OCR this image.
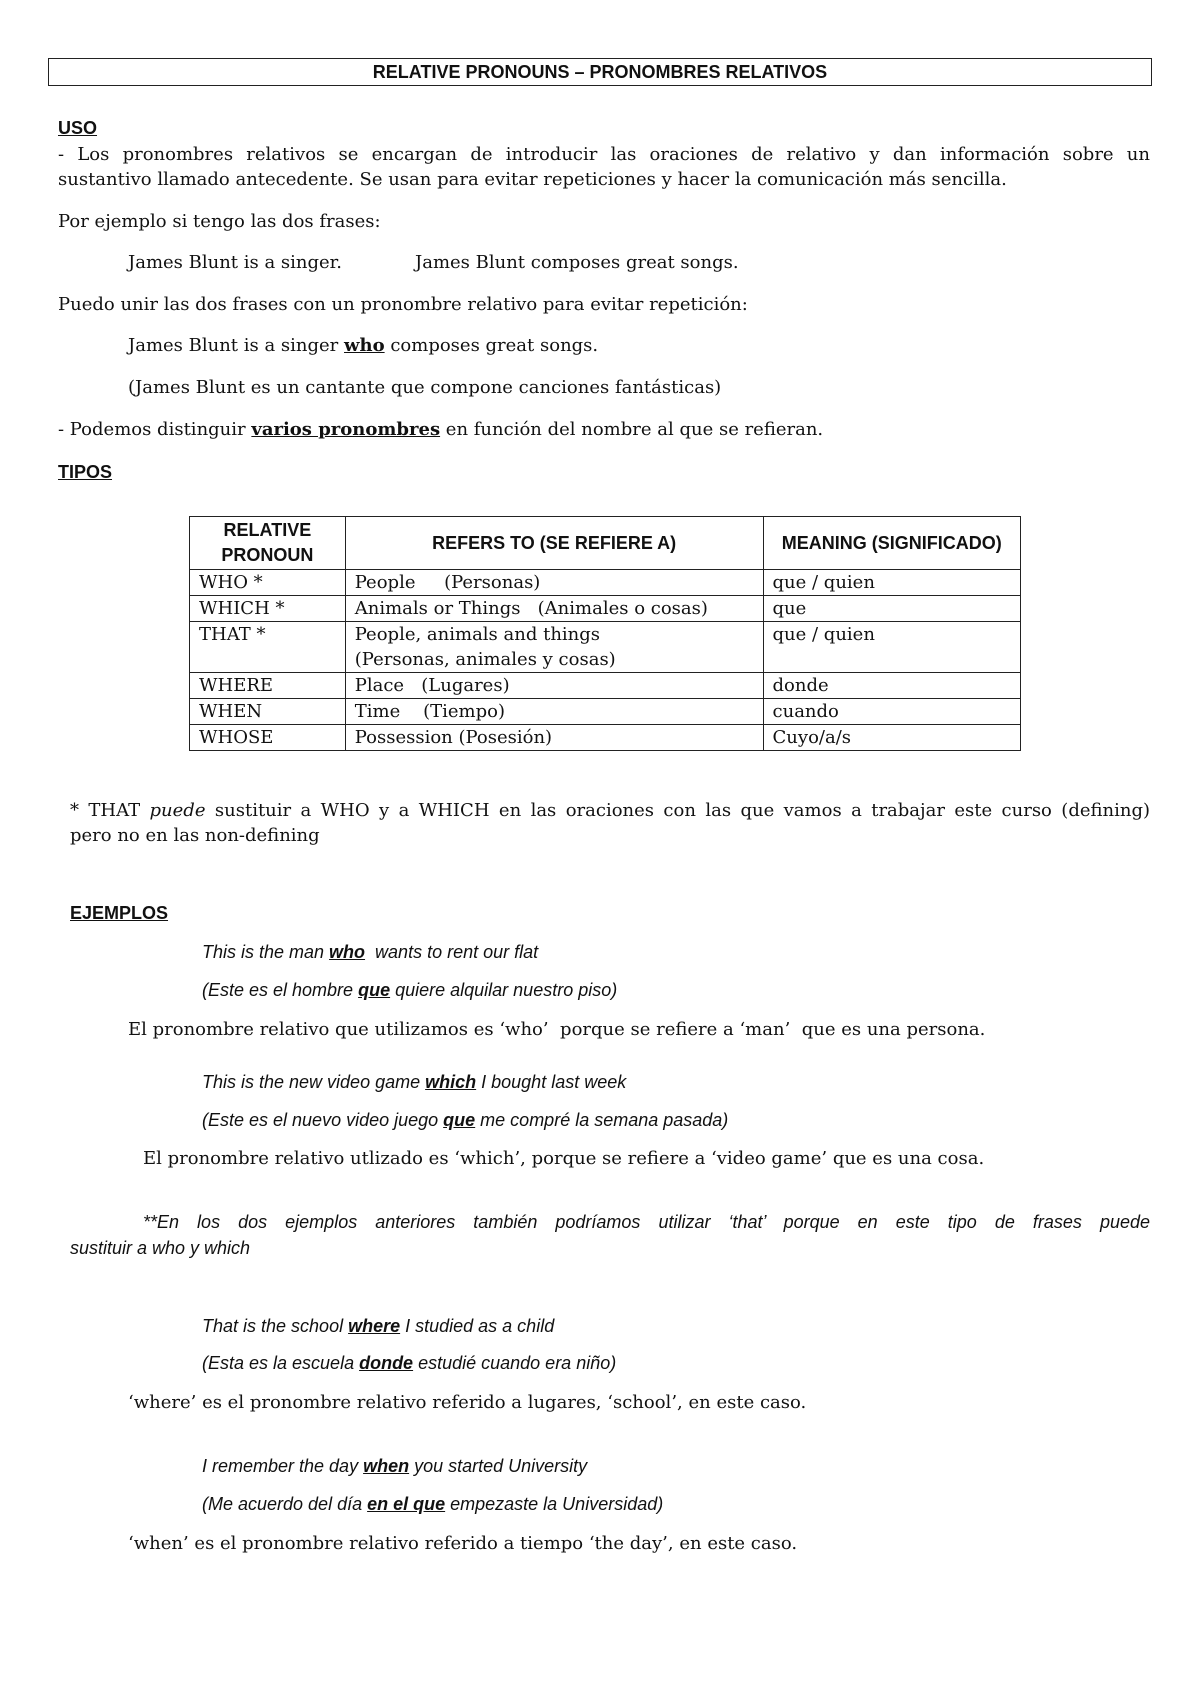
RELATIVE PRONOUNS – PRONOMBRES RELATIVOS
USO
- Los pronombres relativos se encargan de introducir las oraciones de relativo y dan información sobre un
sustantivo llamado antecedente. Se usan para evitar repeticiones y hacer la comunicación más sencilla.
Por ejemplo si tengo las dos frases:
James Blunt is a singer.	James Blunt composes great songs.
Puedo unir las dos frases con un pronombre relativo para evitar repetición:
James Blunt is a singer who composes great songs.
(James Blunt es un cantante que compone canciones fantásticas)
- Podemos distinguir varios pronombres en función del nombre al que se refieran.
TIPOS
RELATIVE PRONOUN	REFERS TO (SE REFIERE A)	MEANING (SIGNIFICADO)
WHO *	People     (Personas)	que / quien
WHICH *	Animals or Things   (Animales o cosas)	que
THAT *	People, animals and things (Personas, animales y cosas)	que / quien
WHERE	Place   (Lugares)	donde
WHEN	Time    (Tiempo)	cuando
WHOSE	Possession (Posesión)	Cuyo/a/s
* THAT puede sustituir a WHO y a WHICH en las oraciones con las que vamos a trabajar este curso (defining)
pero no en las non-defining
EJEMPLOS
This is the man who  wants to rent our flat
(Este es el hombre que quiere alquilar nuestro piso)
El pronombre relativo que utilizamos es ‘who’  porque se refiere a ‘man’  que es una persona.
This is the new video game which I bought last week
(Este es el nuevo video juego que me compré la semana pasada)
El pronombre relativo utlizado es ‘which’, porque se refiere a ‘video game’ que es una cosa.
**En los dos ejemplos anteriores también podríamos utilizar ‘that’ porque en este tipo de frases puede
sustituir a who y which
That is the school where I studied as a child
(Esta es la escuela donde estudié cuando era niño)
‘where’ es el pronombre relativo referido a lugares, ‘school’, en este caso.
I remember the day when you started University
(Me acuerdo del día en el que empezaste la Universidad)
‘when’ es el pronombre relativo referido a tiempo ‘the day’, en este caso.
